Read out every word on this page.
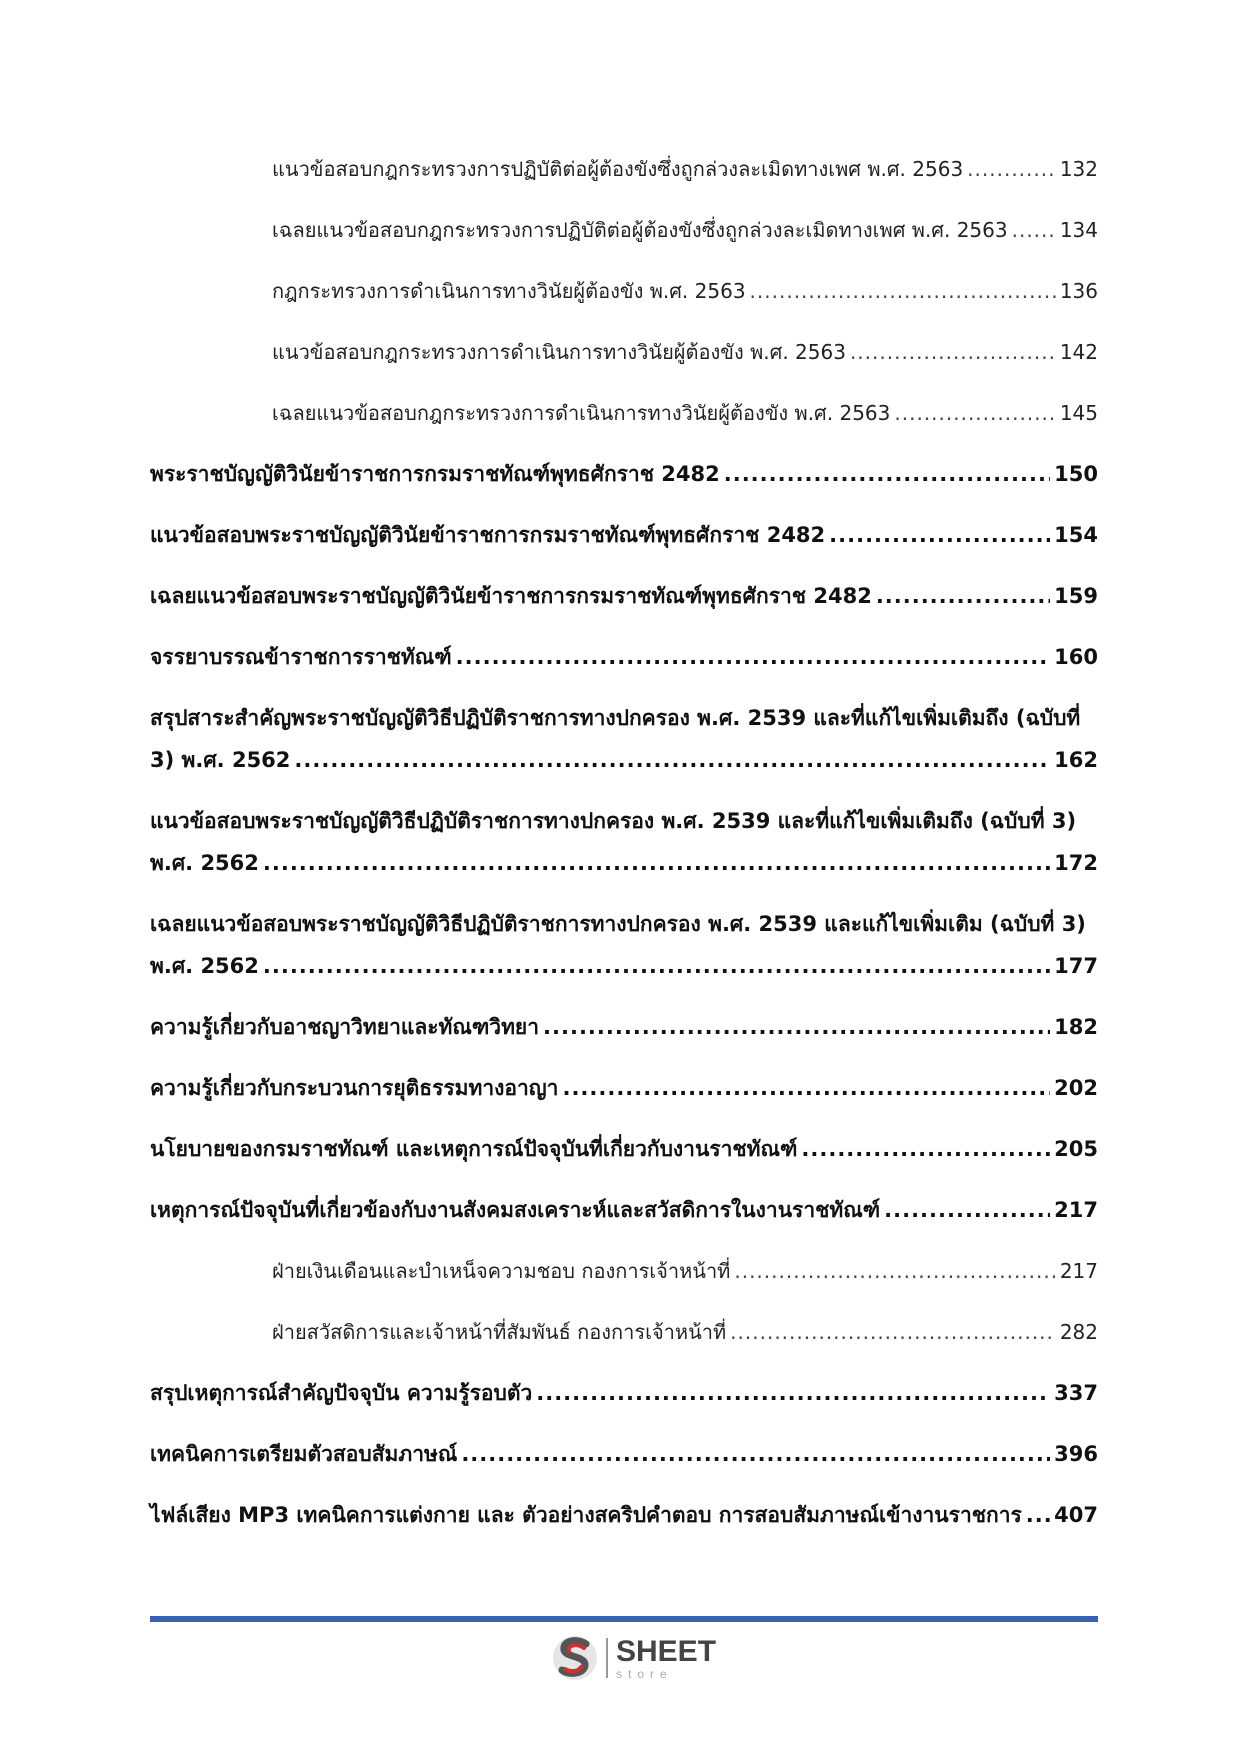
แนวข้อสอบกฎกระทรวงการปฏิบัติต่อผู้ต้องขังซึ่งถูกล่วงละเมิดทางเพศ พ.ศ. 2563 .....	132
เฉลยแนวข้อสอบกฎกระทรวงการปฏิบัติต่อผู้ต้องขังซึ่งถูกล่วงละเมิดทางเพศ พ.ศ. 2563 .....	134
กฎกระทรวงการดำเนินการทางวินัยผู้ต้องขัง พ.ศ. 2563 .....	136
แนวข้อสอบกฎกระทรวงการดำเนินการทางวินัยผู้ต้องขัง พ.ศ. 2563 .....	142
เฉลยแนวข้อสอบกฎกระทรวงการดำเนินการทางวินัยผู้ต้องขัง พ.ศ. 2563 .....	145
พระราชบัญญัติวินัยข้าราชการกรมราชทัณฑ์พุทธศักราช 2482 .....	150
แนวข้อสอบพระราชบัญญัติวินัยข้าราชการกรมราชทัณฑ์พุทธศักราช 2482 .....	154
เฉลยแนวข้อสอบพระราชบัญญัติวินัยข้าราชการกรมราชทัณฑ์พุทธศักราช 2482 .....	159
จรรยาบรรณข้าราชการราชทัณฑ์ .....	160
สรุปสาระสำคัญพระราชบัญญัติวิธีปฏิบัติราชการทางปกครอง พ.ศ. 2539 และที่แก้ไขเพิ่มเติมถึง (ฉบับที่
3) พ.ศ. 2562 .....	162
แนวข้อสอบพระราชบัญญัติวิธีปฏิบัติราชการทางปกครอง พ.ศ. 2539 และที่แก้ไขเพิ่มเติมถึง (ฉบับที่ 3)
พ.ศ. 2562 .....	172
เฉลยแนวข้อสอบพระราชบัญญัติวิธีปฏิบัติราชการทางปกครอง พ.ศ. 2539 และแก้ไขเพิ่มเติม (ฉบับที่ 3)
พ.ศ. 2562 .....	177
ความรู้เกี่ยวกับอาชญาวิทยาและทัณฑวิทยา .....	182
ความรู้เกี่ยวกับกระบวนการยุติธรรมทางอาญา .....	202
นโยบายของกรมราชทัณฑ์ และเหตุการณ์ปัจจุบันที่เกี่ยวกับงานราชทัณฑ์ .....	205
เหตุการณ์ปัจจุบันที่เกี่ยวข้องกับงานสังคมสงเคราะห์และสวัสดิการในงานราชทัณฑ์ .....	217
ฝ่ายเงินเดือนและบำเหน็จความชอบ กองการเจ้าหน้าที่ .....	217
ฝ่ายสวัสดิการและเจ้าหน้าที่สัมพันธ์ กองการเจ้าหน้าที่ .....	282
สรุปเหตุการณ์สำคัญปัจจุบัน ความรู้รอบตัว .....	337
เทคนิคการเตรียมตัวสอบสัมภาษณ์ .....	396
ไฟล์เสียง MP3 เทคนิคการแต่งกาย และ ตัวอย่างสคริปคำตอบ การสอบสัมภาษณ์เข้างานราชการ ..... 407
SHEET
store
